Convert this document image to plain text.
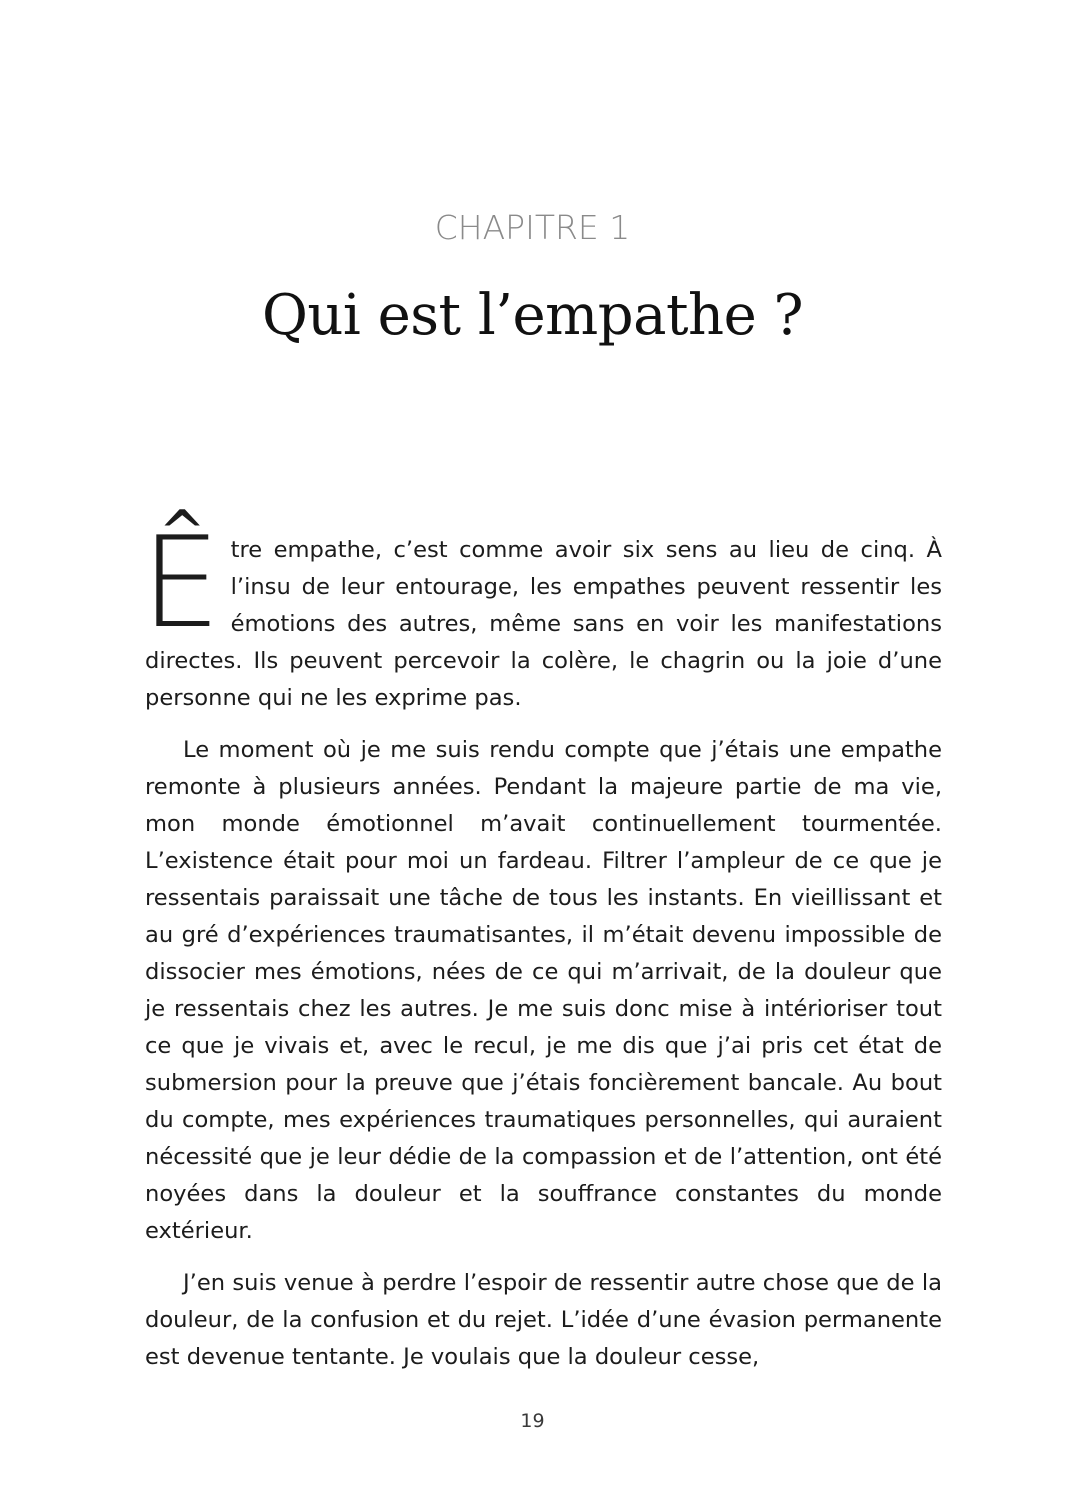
CHAPITRE 1
Qui est l’empathe ?

Ê tre empathe, c’est comme avoir six sens au lieu de cinq. À l’insu de leur entourage, les empathes peuvent ressentir les émotions des autres, même sans en voir les manifestations directes. Ils peuvent percevoir la colère, le chagrin ou la joie d’une personne qui ne les exprime pas.

Le moment où je me suis rendu compte que j’étais une empathe remonte à plusieurs années. Pendant la majeure partie de ma vie, mon monde émotionnel m’avait continuellement tourmentée. L’existence était pour moi un fardeau. Filtrer l’ampleur de ce que je ressentais paraissait une tâche de tous les instants. En vieillissant et au gré d’expériences traumatisantes, il m’était devenu impossible de dissocier mes émotions, nées de ce qui m’arrivait, de la douleur que je ressentais chez les autres. Je me suis donc mise à intérioriser tout ce que je vivais et, avec le recul, je me dis que j’ai pris cet état de submersion pour la preuve que j’étais foncièrement bancale. Au bout du compte, mes expériences traumatiques personnelles, qui auraient nécessité que je leur dédie de la compassion et de l’attention, ont été noyées dans la douleur et la souffrance constantes du monde extérieur.

J’en suis venue à perdre l’espoir de ressentir autre chose que de la douleur, de la confusion et du rejet. L’idée d’une évasion permanente est devenue tentante. Je voulais que la douleur cesse,

19
